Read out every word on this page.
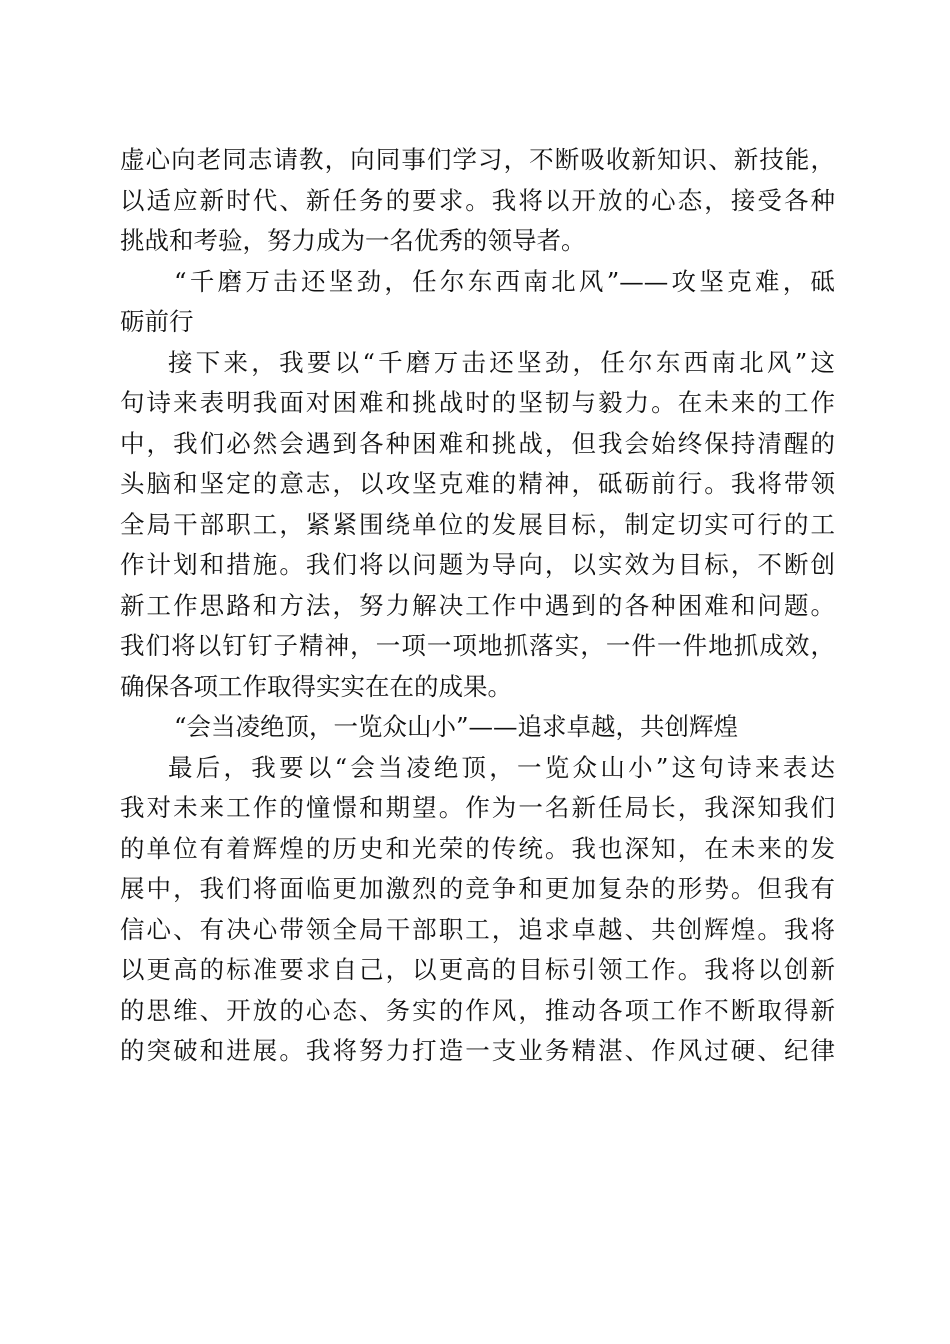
虚心向老同志请教，向同事们学习，不断吸收新知识、新技能，
以适应新时代、新任务的要求。我将以开放的心态，接受各种
挑战和考验，努力成为一名优秀的领导者。
“千磨万击还坚劲，任尔东西南北风”——攻坚克难，砥
砺前行
接下来，我要以“千磨万击还坚劲，任尔东西南北风”这
句诗来表明我面对困难和挑战时的坚韧与毅力。在未来的工作
中，我们必然会遇到各种困难和挑战，但我会始终保持清醒的
头脑和坚定的意志，以攻坚克难的精神，砥砺前行。我将带领
全局干部职工，紧紧围绕单位的发展目标，制定切实可行的工
作计划和措施。我们将以问题为导向，以实效为目标，不断创
新工作思路和方法，努力解决工作中遇到的各种困难和问题。
我们将以钉钉子精神，一项一项地抓落实，一件一件地抓成效，
确保各项工作取得实实在在的成果。
“会当凌绝顶，一览众山小”——追求卓越，共创辉煌
最后，我要以“会当凌绝顶，一览众山小”这句诗来表达
我对未来工作的憧憬和期望。作为一名新任局长，我深知我们
的单位有着辉煌的历史和光荣的传统。我也深知，在未来的发
展中，我们将面临更加激烈的竞争和更加复杂的形势。但我有
信心、有决心带领全局干部职工，追求卓越、共创辉煌。我将
以更高的标准要求自己，以更高的目标引领工作。我将以创新
的思维、开放的心态、务实的作风，推动各项工作不断取得新
的突破和进展。我将努力打造一支业务精湛、作风过硬、纪律
